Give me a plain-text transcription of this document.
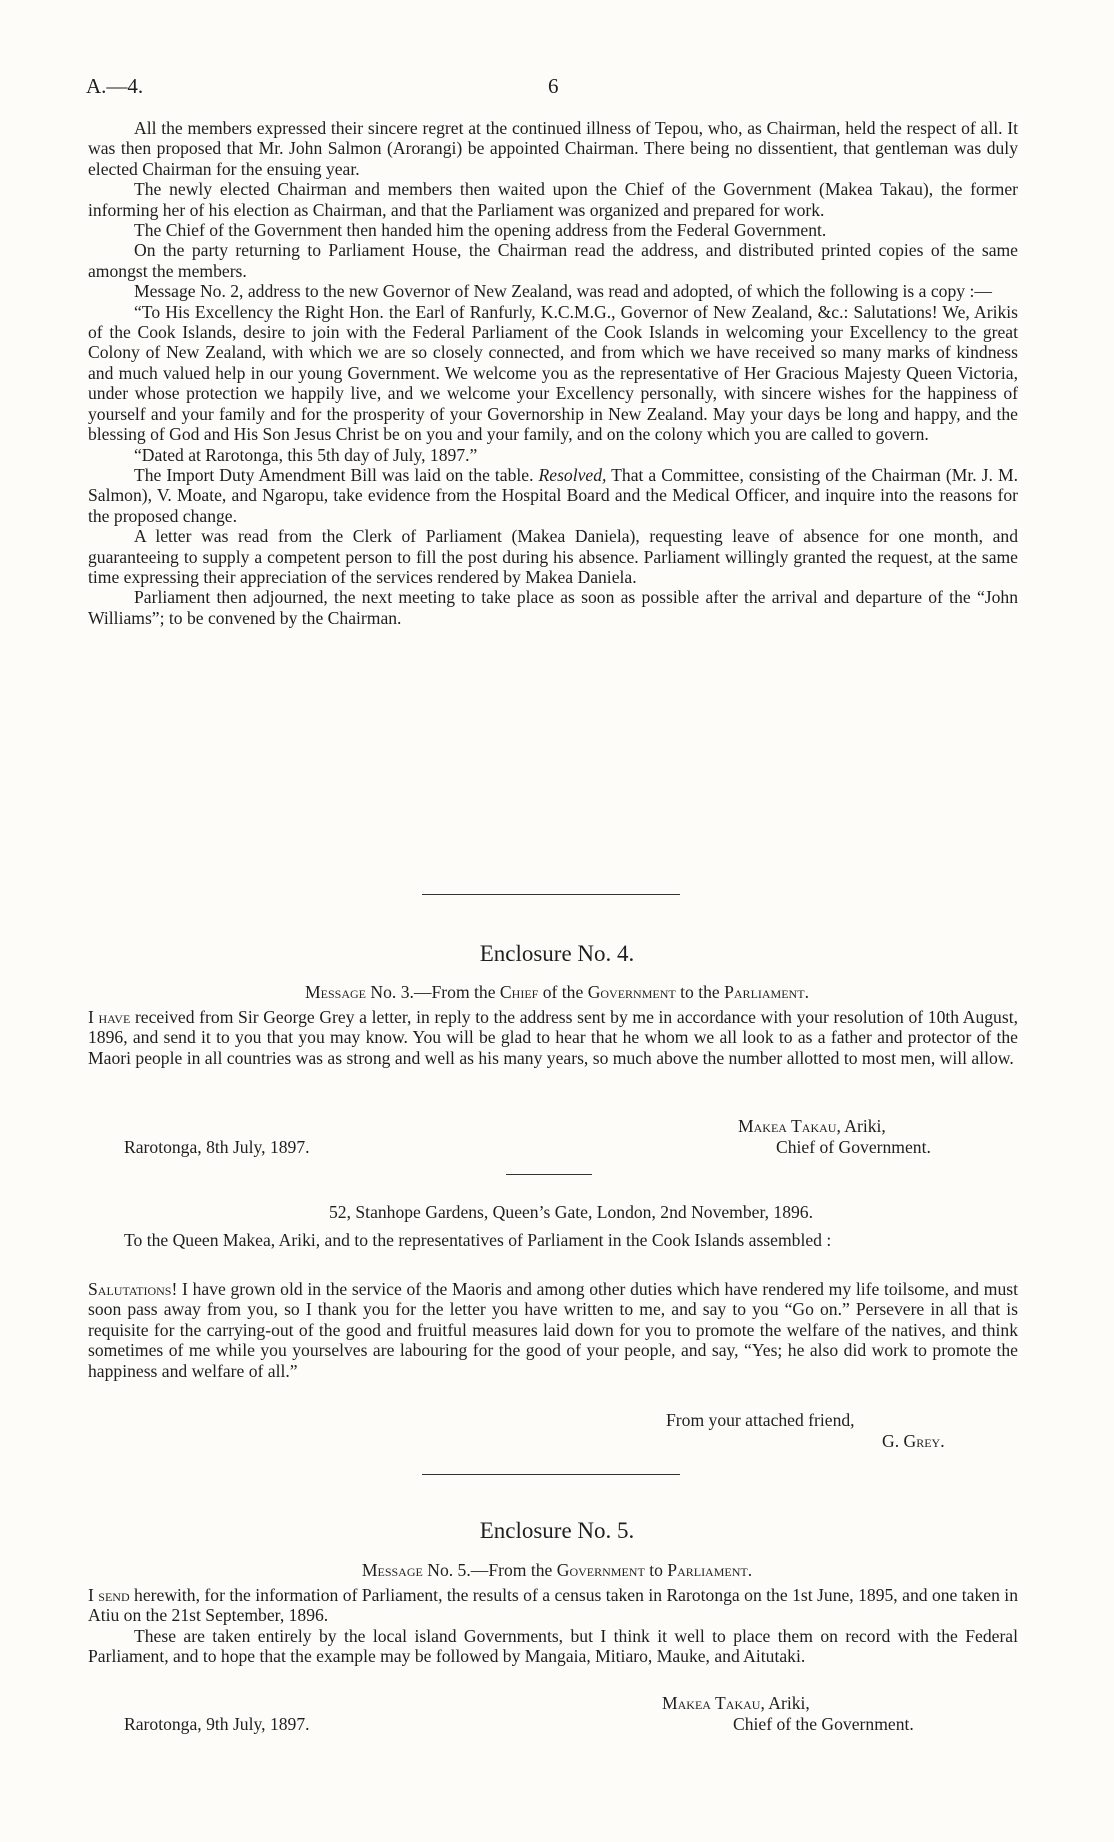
A.—4.	6

All the members expressed their sincere regret at the continued illness of Tepou, who, as Chairman, held the respect of all. It was then proposed that Mr. John Salmon (Arorangi) be appointed Chairman. There being no dissentient, that gentleman was duly elected Chairman for the ensuing year.

The newly elected Chairman and members then waited upon the Chief of the Government (Makea Takau), the former informing her of his election as Chairman, and that the Parliament was organized and prepared for work.

The Chief of the Government then handed him the opening address from the Federal Government.

On the party returning to Parliament House, the Chairman read the address, and distributed printed copies of the same amongst the members.

Message No. 2, address to the new Governor of New Zealand, was read and adopted, of which the following is a copy :—

“To His Excellency the Right Hon. the Earl of Ranfurly, K.C.M.G., Governor of New Zealand, &c.: Salutations! We, Arikis of the Cook Islands, desire to join with the Federal Parliament of the Cook Islands in welcoming your Excellency to the great Colony of New Zealand, with which we are so closely connected, and from which we have received so many marks of kindness and much valued help in our young Government. We welcome you as the representative of Her Gracious Majesty Queen Victoria, under whose protection we happily live, and we welcome your Excellency personally, with sincere wishes for the happiness of yourself and your family and for the prosperity of your Governorship in New Zealand. May your days be long and happy, and the blessing of God and His Son Jesus Christ be on you and your family, and on the colony which you are called to govern.

“Dated at Rarotonga, this 5th day of July, 1897.”

The Import Duty Amendment Bill was laid on the table. Resolved, That a Committee, consisting of the Chairman (Mr. J. M. Salmon), V. Moate, and Ngaropu, take evidence from the Hospital Board and the Medical Officer, and inquire into the reasons for the proposed change.

A letter was read from the Clerk of Parliament (Makea Daniela), requesting leave of absence for one month, and guaranteeing to supply a competent person to fill the post during his absence. Parliament willingly granted the request, at the same time expressing their appreciation of the services rendered by Makea Daniela.

Parliament then adjourned, the next meeting to take place as soon as possible after the arrival and departure of the “John Williams”; to be convened by the Chairman.

Enclosure No. 4.
Message No. 3.—From the Chief of the Government to the Parliament.

I have received from Sir George Grey a letter, in reply to the address sent by me in accordance with your resolution of 10th August, 1896, and send it to you that you may know. You will be glad to hear that he whom we all look to as a father and protector of the Maori people in all countries was as strong and well as his many years, so much above the number allotted to most men, will allow.

Makea Takau, Ariki,
Rarotonga, 8th July, 1897.	Chief of Government.
52, Stanhope Gardens, Queen’s Gate, London, 2nd November, 1896.

To the Queen Makea, Ariki, and to the representatives of Parliament in the Cook Islands assembled :

Salutations! I have grown old in the service of the Maoris and among other duties which have rendered my life toilsome, and must soon pass away from you, so I thank you for the letter you have written to me, and say to you “Go on.” Persevere in all that is requisite for the carrying-out of the good and fruitful measures laid down for you to promote the welfare of the natives, and think sometimes of me while you yourselves are labouring for the good of your people, and say, “Yes; he also did work to promote the happiness and welfare of all.”

From your attached friend,
G. Grey.
Enclosure No. 5.
Message No. 5.—From the Government to Parliament.

I send herewith, for the information of Parliament, the results of a census taken in Rarotonga on the 1st June, 1895, and one taken in Atiu on the 21st September, 1896.

These are taken entirely by the local island Governments, but I think it well to place them on record with the Federal Parliament, and to hope that the example may be followed by Mangaia, Mitiaro, Mauke, and Aitutaki.

Makea Takau, Ariki,
Rarotonga, 9th July, 1897.	Chief of the Government.
